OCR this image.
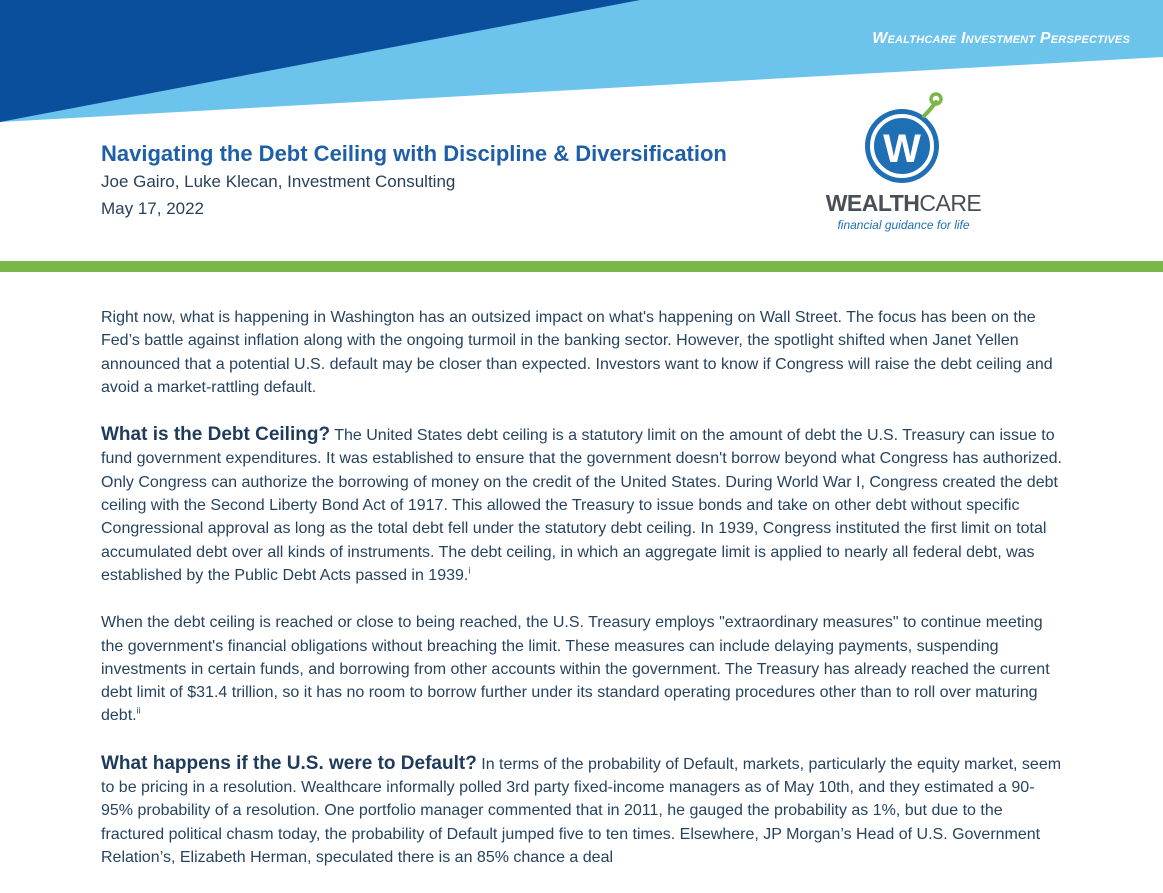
Wealthcare Investment Perspectives
Navigating the Debt Ceiling with Discipline & Diversification
Joe Gairo, Luke Klecan, Investment Consulting
May 17, 2022
W
WEALTHCARE
financial guidance for life

Right now, what is happening in Washington has an outsized impact on what's happening on Wall Street. The focus has been on the Fed’s battle against inflation along with the ongoing turmoil in the banking sector. However, the spotlight shifted when Janet Yellen announced that a potential U.S. default may be closer than expected. Investors want to know if Congress will raise the debt ceiling and avoid a market-rattling default.

What is the Debt Ceiling? The United States debt ceiling is a statutory limit on the amount of debt the U.S. Treasury can issue to fund government expenditures. It was established to ensure that the government doesn't borrow beyond what Congress has authorized. Only Congress can authorize the borrowing of money on the credit of the United States. During World War I, Congress created the debt ceiling with the Second Liberty Bond Act of 1917. This allowed the Treasury to issue bonds and take on other debt without specific Congressional approval as long as the total debt fell under the statutory debt ceiling. In 1939, Congress instituted the first limit on total accumulated debt over all kinds of instruments. The debt ceiling, in which an aggregate limit is applied to nearly all federal debt, was established by the Public Debt Acts passed in 1939.$^i$

When the debt ceiling is reached or close to being reached, the U.S. Treasury employs "extraordinary measures" to continue meeting the government's financial obligations without breaching the limit. These measures can include delaying payments, suspending investments in certain funds, and borrowing from other accounts within the government. The Treasury has already reached the current debt limit of $31.4 trillion, so it has no room to borrow further under its standard operating procedures other than to roll over maturing debt.$^{ii}$

What happens if the U.S. were to Default? In terms of the probability of Default, markets, particularly the equity market, seem to be pricing in a resolution. Wealthcare informally polled 3rd party fixed-income managers as of May 10th, and they estimated a 90-95% probability of a resolution. One portfolio manager commented that in 2011, he gauged the probability as 1%, but due to the fractured political chasm today, the probability of Default jumped five to ten times. Elsewhere, JP Morgan’s Head of U.S. Government Relation’s, Elizabeth Herman, speculated there is an 85% chance a deal
